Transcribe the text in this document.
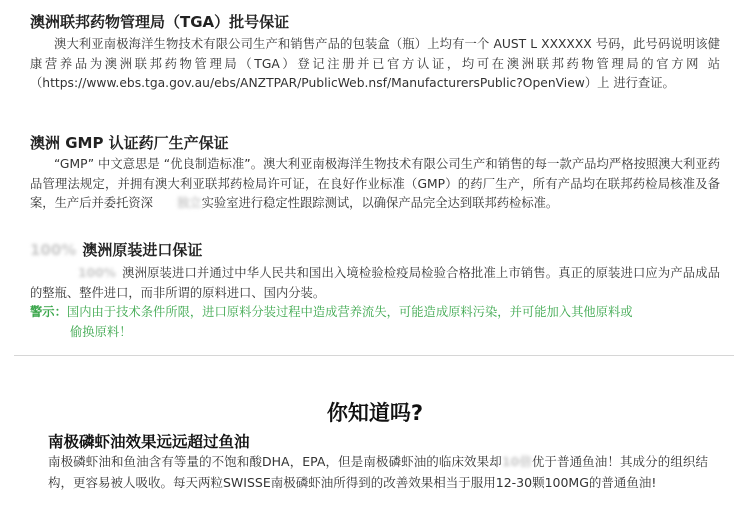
澳洲联邦药物管理局（TGA）批号保证

澳大利亚南极海洋生物技术有限公司生产和销售产品的包装盒（瓶）上均有一个 AUST L XXXXXX 号码，此号码说明该健康营养品为澳洲联邦药物管理局（TGA）登记注册并已官方认证，均可在澳洲联邦药物管理局的官方网 站（https://www.ebs.tga.gov.au/ebs/ANZTPAR/PublicWeb.nsf/ManufacturersPublic?OpenView）上 进行查证。

澳洲 GMP 认证药厂生产保证

“GMP” 中文意思是 “优良制造标准”。澳大利亚南极海洋生物技术有限公司生产和销售的每一款产品均严格按照澳大利亚药品管理法规定，并拥有澳大利亚联邦药检局许可证，在良好作业标准（GMP）的药厂生产，所有产品均在联邦药检局核准及备案，生产后并委托资深 独立实验室进行稳定性跟踪测试，以确保产品完全达到联邦药检标准。

100% 澳洲原装进口保证

100% 澳洲原装进口并通过中华人民共和国出入境检验检疫局检验合格批准上市销售。真正的原装进口应为产品成品的整瓶、整件进口，而非所谓的原料进口、国内分装。

警示：国内由于技术条件所限，进口原料分装过程中造成营养流失，可能造成原料污染，并可能加入其他原料或
偷换原料！

你知道吗?
南极磷虾油效果远远超过鱼油

南极磷虾油和鱼油含有等量的不饱和酸DHA，EPA，但是南极磷虾油的临床效果却10倍优于普通鱼油！其成分的组织结构，更容易被人吸收。每天两粒SWISSE南极磷虾油所得到的改善效果相当于服用12-30颗100MG的普通鱼油!
